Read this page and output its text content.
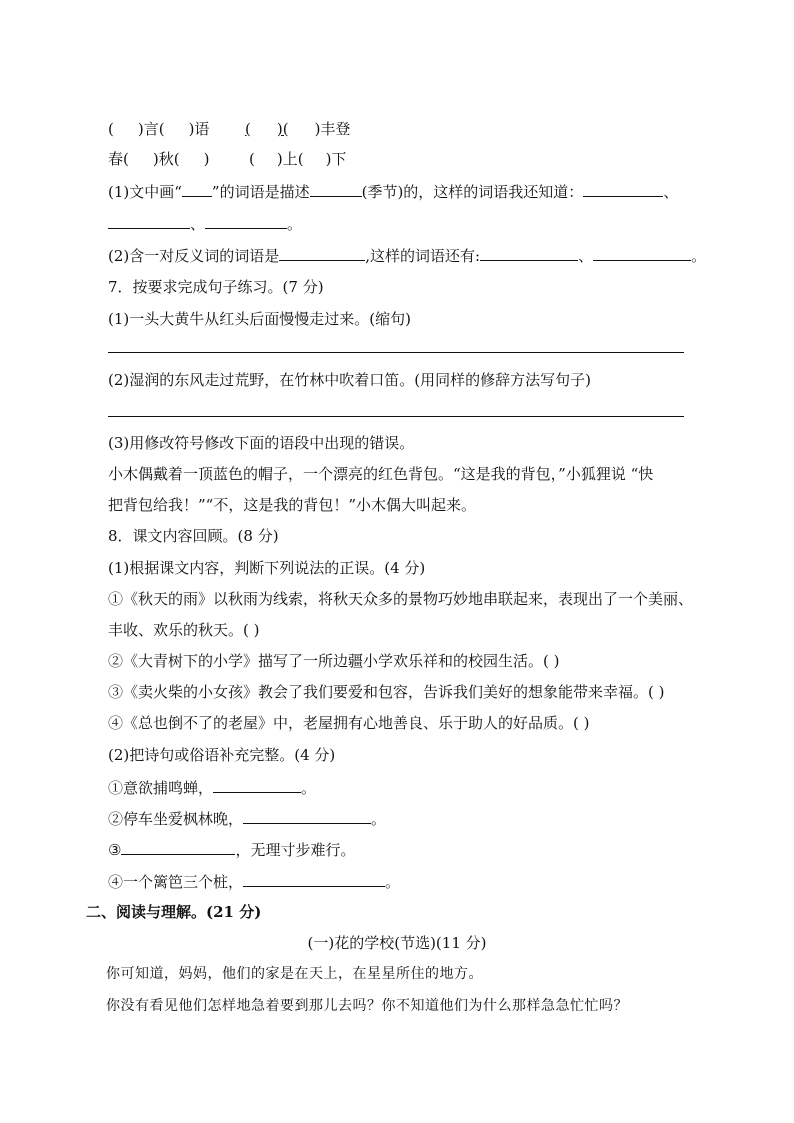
( )言( )语 ( )( )丰登
春( )秋( )	( )上( )下
(1)文中画“ ”的词语是描述	(季节)的，这样的词语我还知道：	、
、	。
(2)含一对反义词的词语是	,这样的词语还有:	、	。
7．按要求完成句子练习。(7 分)
(1)一头大黄牛从红头后面慢慢走过来。(缩句)
(2)湿润的东风走过荒野，在竹林中吹着口笛。(用同样的修辞方法写句子)
(3)用修改符号修改下面的语段中出现的错误。
小木偶戴着一顶蓝色的帽子，一个漂亮的红色背包。“这是我的背包，”小狐狸说 “快
把背包给我！”“不，这是我的背包！”小木偶大叫起来。
8．课文内容回顾。(8 分)
(1)根据课文内容，判断下列说法的正误。(4 分)
①《秋天的雨》以秋雨为线索，将秋天众多的景物巧妙地串联起来，表现出了一个美丽、
丰收、欢乐的秋天。( )
②《大青树下的小学》描写了一所边疆小学欢乐祥和的校园生活。( )
③《卖火柴的小女孩》教会了我们要爱和包容，告诉我们美好的想象能带来幸福。( )
④《总也倒不了的老屋》中，老屋拥有心地善良、乐于助人的好品质。( )
(2)把诗句或俗语补充完整。(4 分)
①意欲捕鸣蝉，	。
②停车坐爱枫林晚，	。
③	，无理寸步难行。
④一个篱笆三个桩，	。
二、阅读与理解。(21 分)
(一)花的学校(节选)(11 分)
你可知道，妈妈，他们的家是在天上，在星星所住的地方。
你没有看见他们怎样地急着要到那儿去吗？你不知道他们为什么那样急急忙忙吗？
